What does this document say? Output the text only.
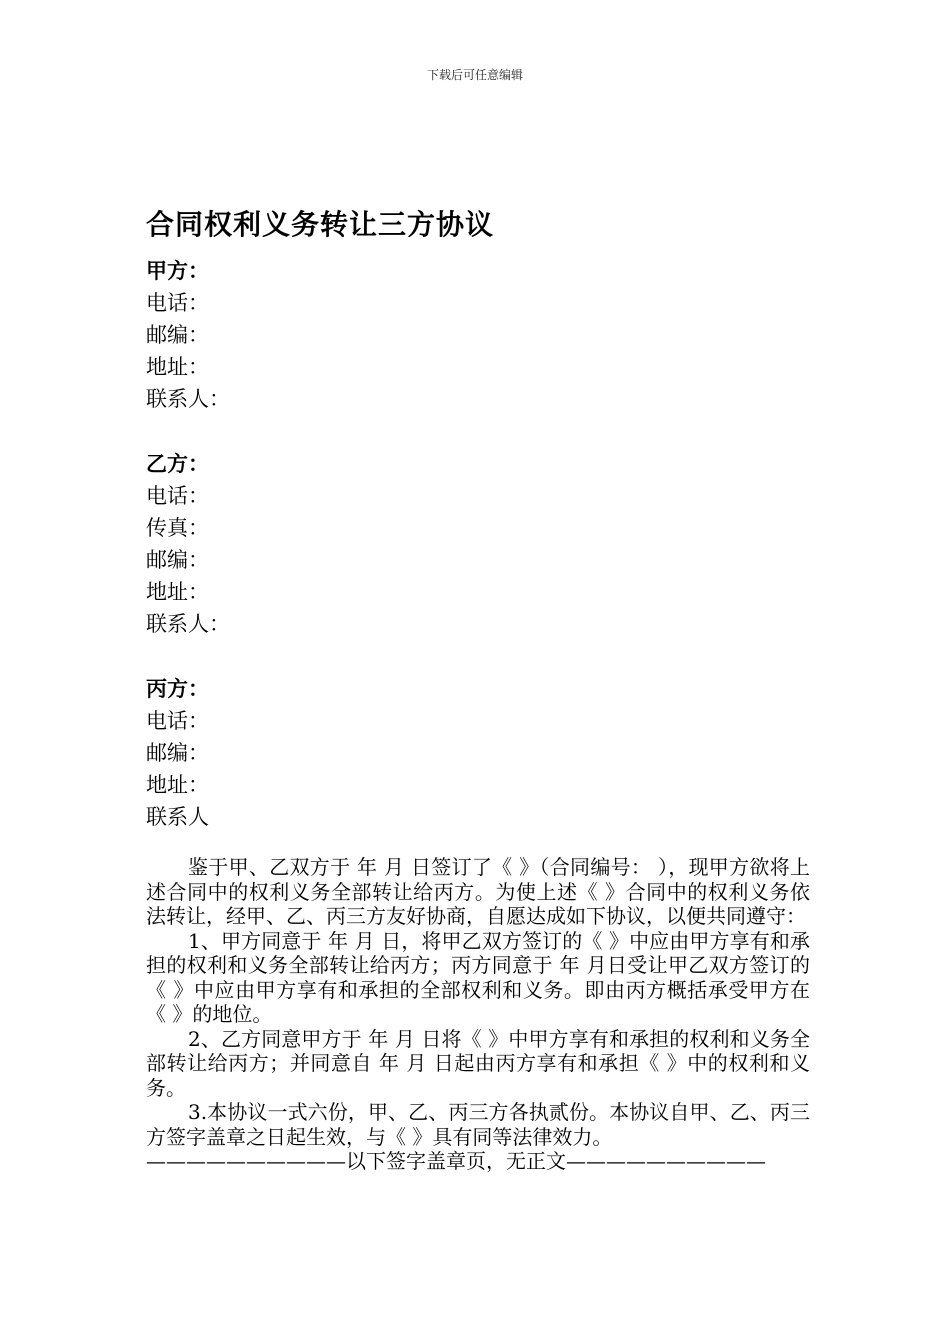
下载后可任意编辑
合同权利义务转让三方协议
甲方：
电话：
邮编：
地址：
联系人：
乙方：
电话：
传真：
邮编：
地址：
联系人：
丙方：
电话：
邮编：
地址：
联系人

鉴于甲、乙双方于 年 月 日签订了《 》（合同编号： ），现甲方欲将上述合同中的权利义务全部转让给丙方。为使上述《 》合同中的权利义务依法转让，经甲、乙、丙三方友好协商，自愿达成如下协议，以便共同遵守：

1、甲方同意于 年 月 日，将甲乙双方签订的《 》中应由甲方享有和承担的权利和义务全部转让给丙方；丙方同意于 年 月日受让甲乙双方签订的《 》中应由甲方享有和承担的全部权利和义务。即由丙方概括承受甲方在《 》的地位。

2、乙方同意甲方于 年 月 日将《 》中甲方享有和承担的权利和义务全部转让给丙方；并同意自 年 月 日起由丙方享有和承担《 》中的权利和义务。

3.本协议一式六份，甲、乙、丙三方各执贰份。本协议自甲、乙、丙三方签字盖章之日起生效，与《 》具有同等法律效力。

——————————以下签字盖章页，无正文——————————
